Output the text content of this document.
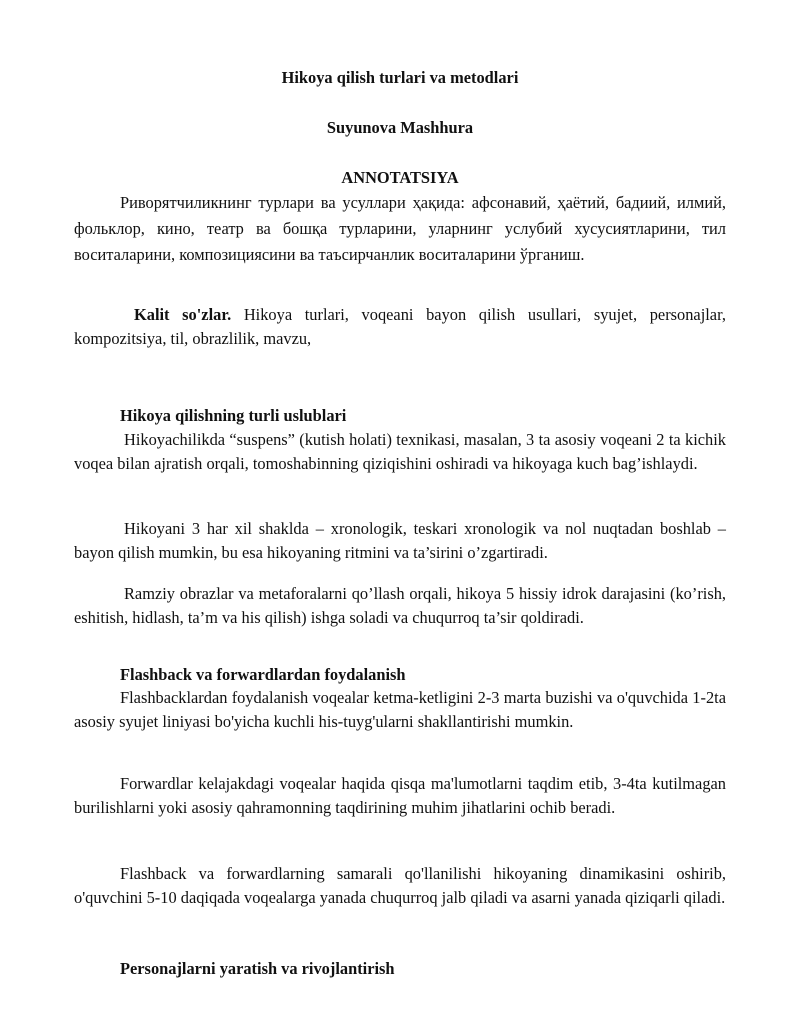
Hikoya qilish turlari va metodlari
Suyunova Mashhura
ANNOTATSIYA

Риворятчиликнинг турлари ва усуллари ҳақида: афсонавий, ҳаётий, бадиий, илмий, фольклор, кино, театр ва бошқа турларини, уларнинг услубий хусусиятларини, тил воситаларини, композициясини ва таъсирчанлик воситаларини ўрганиш.

Kalit so'zlar. Hikoya turlari, voqeani bayon qilish usullari, syujet, personajlar, kompozitsiya, til, obrazlilik, mavzu,

Hikoya qilishning turli uslublari

Hikoyachilikda “suspens” (kutish holati) texnikasi, masalan, 3 ta asosiy voqeani 2 ta kichik voqea bilan ajratish orqali, tomoshabinning qiziqishini oshiradi va hikoyaga kuch bag’ishlaydi.

Hikoyani 3 har xil shaklda – xronologik, teskari xronologik va nol nuqtadan boshlab – bayon qilish mumkin, bu esa hikoyaning ritmini va ta’sirini o’zgartiradi.

Ramziy obrazlar va metaforalarni qo’llash orqali, hikoya 5 hissiy idrok darajasini (ko’rish, eshitish, hidlash, ta’m va his qilish) ishga soladi va chuqurroq ta’sir qoldiradi.

Flashback va forwardlardan foydalanish

Flashbacklardan foydalanish voqealar ketma-ketligini 2-3 marta buzishi va o'quvchida 1-2ta asosiy syujet liniyasi bo'yicha kuchli his-tuyg'ularni shakllantirishi mumkin.

Forwardlar kelajakdagi voqealar haqida qisqa ma'lumotlarni taqdim etib, 3-4ta kutilmagan burilishlarni yoki asosiy qahramonning taqdirining muhim jihatlarini ochib beradi.

Flashback va forwardlarning samarali qo'llanilishi hikoyaning dinamikasini oshirib, o'quvchini 5-10 daqiqada voqealarga yanada chuqurroq jalb qiladi va asarni yanada qiziqarli qiladi.

Personajlarni yaratish va rivojlantirish
